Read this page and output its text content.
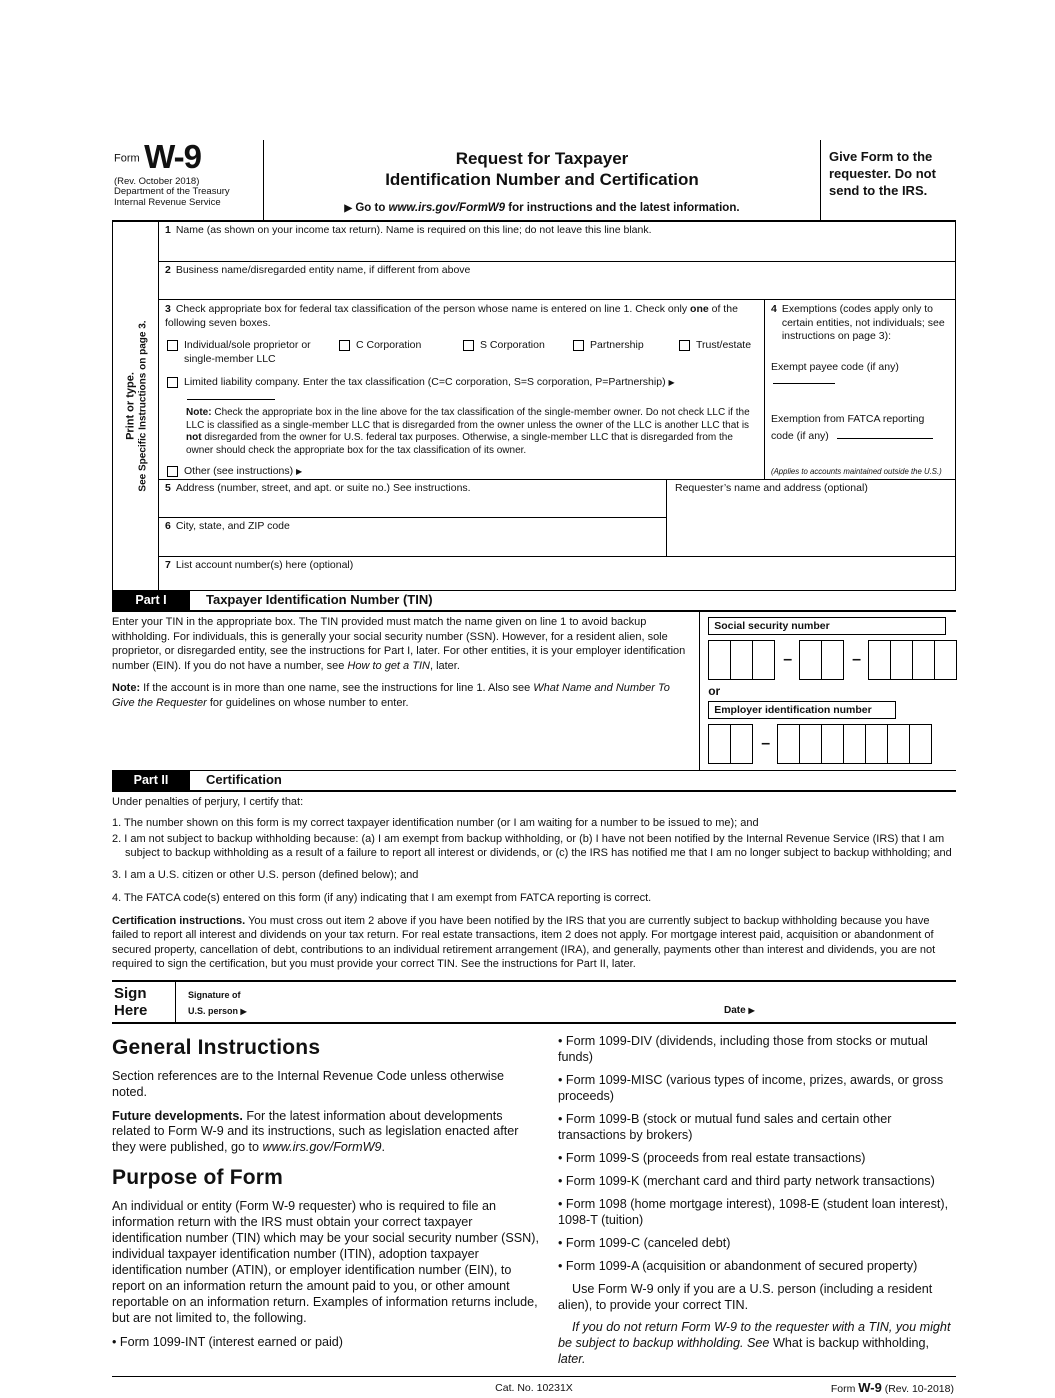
$^{Form}$ W-9
(Rev. October 2018)
Department of the Treasury
Internal Revenue Service
Request for Taxpayer
Identification Number and Certification
▶ Go to www.irs.gov/FormW9 for instructions and the latest information.
Give Form to the requester. Do not send to the IRS.
Print or type. See Specific Instructions on page 3.
1 Name (as shown on your income tax return). Name is required on this line; do not leave this line blank.
2 Business name/disregarded entity name, if different from above
3 Check appropriate box for federal tax classification of the person whose name is entered on line 1. Check only one of the following seven boxes.
Individual/sole proprietor or single-member LLC
C Corporation	S Corporation	Partnership	Trust/estate
Limited liability company. Enter the tax classification (C=C corporation, S=S corporation, P=Partnership) ▶
Note: Check the appropriate box in the line above for the tax classification of the single-member owner. Do not check LLC if the LLC is classified as a single-member LLC that is disregarded from the owner unless the owner of the LLC is another LLC that is not disregarded from the owner for U.S. federal tax purposes. Otherwise, a single-member LLC that is disregarded from the owner should check the appropriate box for the tax classification of its owner.
Other (see instructions) ▶
4 Exemptions (codes apply only to certain entities, not individuals; see instructions on page 3):
Exempt payee code (if any)
Exemption from FATCA reporting
code (if any)
(Applies to accounts maintained outside the U.S.)
5 Address (number, street, and apt. or suite no.) See instructions.
6 City, state, and ZIP code
Requester’s name and address (optional)
7 List account number(s) here (optional)
Part I	Taxpayer Identification Number (TIN)
Enter your TIN in the appropriate box. The TIN provided must match the name given on line 1 to avoid backup withholding. For individuals, this is generally your social security number (SSN). However, for a resident alien, sole proprietor, or disregarded entity, see the instructions for Part I, later. For other entities, it is your employer identification number (EIN). If you do not have a number, see How to get a TIN, later.
Note: If the account is in more than one name, see the instructions for line 1. Also see What Name and Number To Give the Requester for guidelines on whose number to enter.
Social security number
–	–
or
Employer identification number
–
Part II	Certification
Under penalties of perjury, I certify that:
1. The number shown on this form is my correct taxpayer identification number (or I am waiting for a number to be issued to me); and
2. I am not subject to backup withholding because: (a) I am exempt from backup withholding, or (b) I have not been notified by the Internal Revenue Service (IRS) that I am subject to backup withholding as a result of a failure to report all interest or dividends, or (c) the IRS has notified me that I am no longer subject to backup withholding; and
3. I am a U.S. citizen or other U.S. person (defined below); and
4. The FATCA code(s) entered on this form (if any) indicating that I am exempt from FATCA reporting is correct.
Certification instructions. You must cross out item 2 above if you have been notified by the IRS that you are currently subject to backup withholding because you have failed to report all interest and dividends on your tax return. For real estate transactions, item 2 does not apply. For mortgage interest paid, acquisition or abandonment of secured property, cancellation of debt, contributions to an individual retirement arrangement (IRA), and generally, payments other than interest and dividends, you are not required to sign the certification, but you must provide your correct TIN. See the instructions for Part II, later.
Sign
Here
Signature of
U.S. person ▶	Date ▶
General Instructions
Section references are to the Internal Revenue Code unless otherwise noted.
Future developments. For the latest information about developments related to Form W-9 and its instructions, such as legislation enacted after they were published, go to www.irs.gov/FormW9.
Purpose of Form
An individual or entity (Form W-9 requester) who is required to file an information return with the IRS must obtain your correct taxpayer identification number (TIN) which may be your social security number (SSN), individual taxpayer identification number (ITIN), adoption taxpayer identification number (ATIN), or employer identification number (EIN), to report on an information return the amount paid to you, or other amount reportable on an information return. Examples of information returns include, but are not limited to, the following.
• Form 1099-INT (interest earned or paid)
• Form 1099-DIV (dividends, including those from stocks or mutual funds)
• Form 1099-MISC (various types of income, prizes, awards, or gross proceeds)
• Form 1099-B (stock or mutual fund sales and certain other transactions by brokers)
• Form 1099-S (proceeds from real estate transactions)
• Form 1099-K (merchant card and third party network transactions)
• Form 1098 (home mortgage interest), 1098-E (student loan interest), 1098-T (tuition)
• Form 1099-C (canceled debt)
• Form 1099-A (acquisition or abandonment of secured property)
Use Form W-9 only if you are a U.S. person (including a resident alien), to provide your correct TIN.
If you do not return Form W-9 to the requester with a TIN, you might be subject to backup withholding. See What is backup withholding, later.
Cat. No. 10231X	Form W-9 (Rev. 10-2018)
